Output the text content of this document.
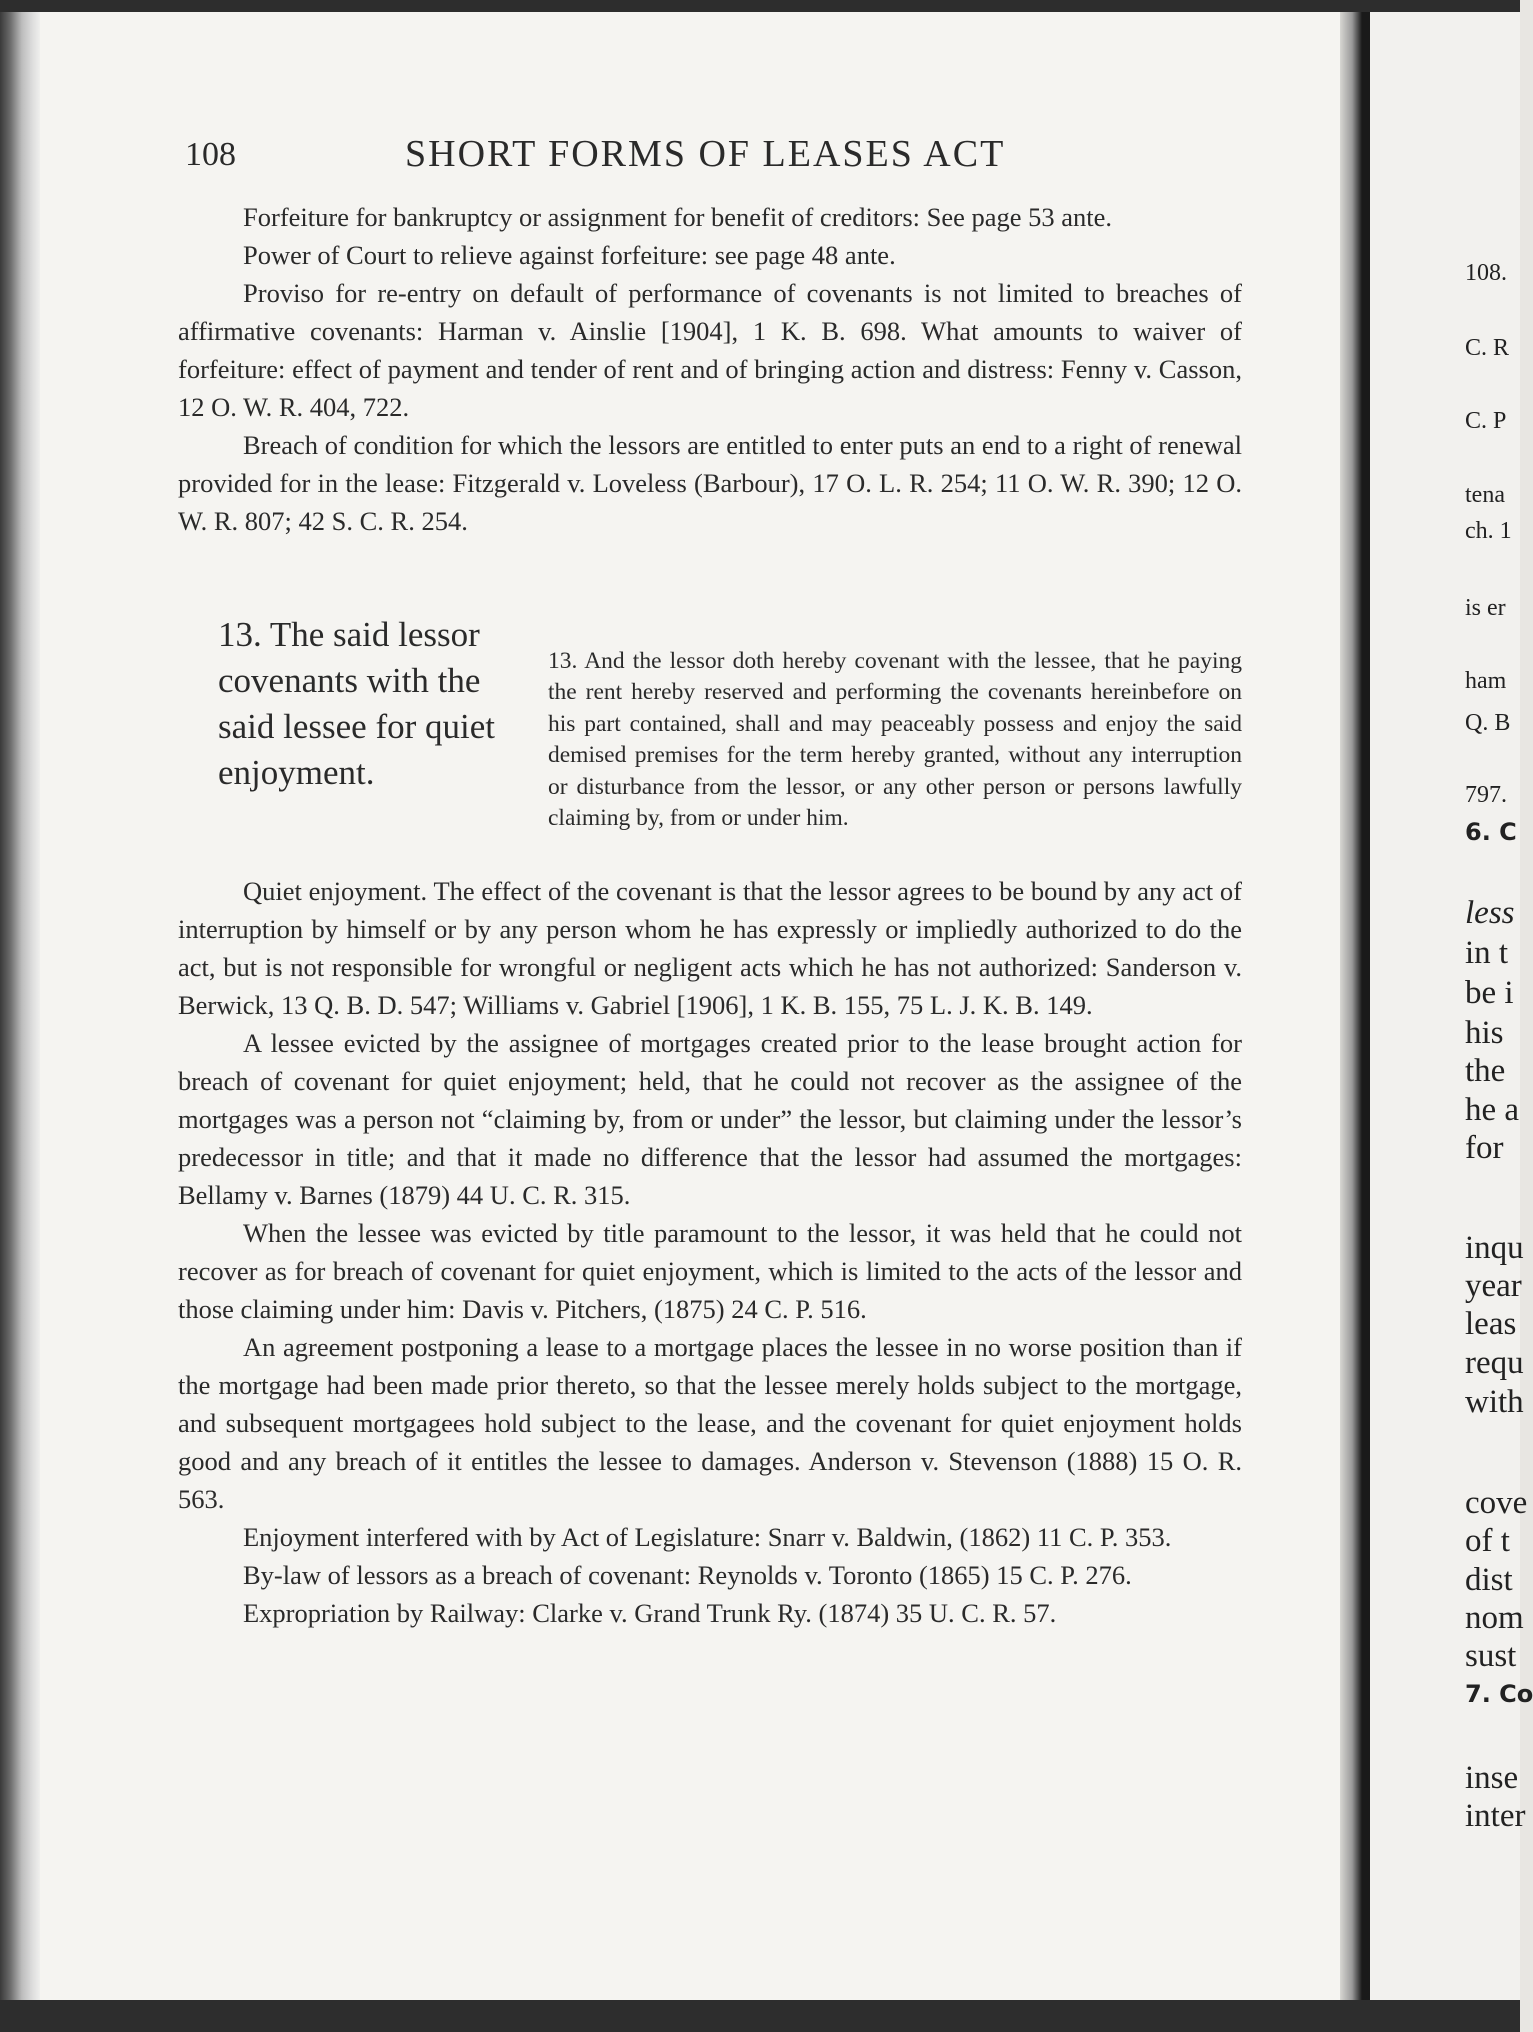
108	SHORT FORMS OF LEASES ACT

Forfeiture for bankruptcy or assignment for benefit of creditors: See page 53 ante.

Power of Court to relieve against forfeiture: see page 48 ante.

Proviso for re-entry on default of performance of covenants is not limited to breaches of affirmative covenants: Harman v. Ainslie [1904], 1 K. B. 698. What amounts to waiver of forfeiture: effect of payment and tender of rent and of bringing action and distress: Fenny v. Casson, 12 O. W. R. 404, 722.

Breach of condition for which the lessors are entitled to enter puts an end to a right of renewal provided for in the lease: Fitzgerald v. Loveless (Barbour), 17 O. L. R. 254; 11 O. W. R. 390; 12 O. W. R. 807; 42 S. C. R. 254.

13. The said lessor
covenants with the
said lessee for quiet
enjoyment.

13. And the lessor doth hereby covenant with the lessee, that he paying the rent hereby reserved and performing the covenants hereinbefore on his part contained, shall and may peaceably possess and enjoy the said demised premises for the term hereby granted, without any interruption or disturbance from the lessor, or any other person or persons lawfully claiming by, from or under him.

Quiet enjoyment. The effect of the covenant is that the lessor agrees to be bound by any act of interruption by himself or by any person whom he has expressly or impliedly authorized to do the act, but is not responsible for wrongful or negligent acts which he has not authorized: Sanderson v. Berwick, 13 Q. B. D. 547; Williams v. Gabriel [1906], 1 K. B. 155, 75 L. J. K. B. 149.

A lessee evicted by the assignee of mortgages created prior to the lease brought action for breach of covenant for quiet enjoyment; held, that he could not recover as the assignee of the mortgages was a person not “claiming by, from or under” the lessor, but claiming under the lessor’s predecessor in title; and that it made no difference that the lessor had assumed the mortgages: Bellamy v. Barnes (1879) 44 U. C. R. 315.

When the lessee was evicted by title paramount to the lessor, it was held that he could not recover as for breach of covenant for quiet enjoyment, which is limited to the acts of the lessor and those claiming under him: Davis v. Pitchers, (1875) 24 C. P. 516.

An agreement postponing a lease to a mortgage places the lessee in no worse position than if the mortgage had been made prior thereto, so that the lessee merely holds subject to the mortgage, and subsequent mortgagees hold subject to the lease, and the covenant for quiet enjoyment holds good and any breach of it entitles the lessee to damages. Anderson v. Stevenson (1888) 15 O. R. 563.

Enjoyment interfered with by Act of Legislature: Snarr v. Baldwin, (1862) 11 C. P. 353.

By-law of lessors as a breach of covenant: Reynolds v. Toronto (1865) 15 C. P. 276.

Expropriation by Railway: Clarke v. Grand Trunk Ry. (1874) 35 U. C. R. 57.

108.
C. R
C. P
tena
ch. 1
is er
ham
Q. B
797.
6. C
less
in t
be i
his
the
he a
for
inqu
year
leas
requ
with
cove
of t
dist
nom
sust
7. Co
inse
inter
